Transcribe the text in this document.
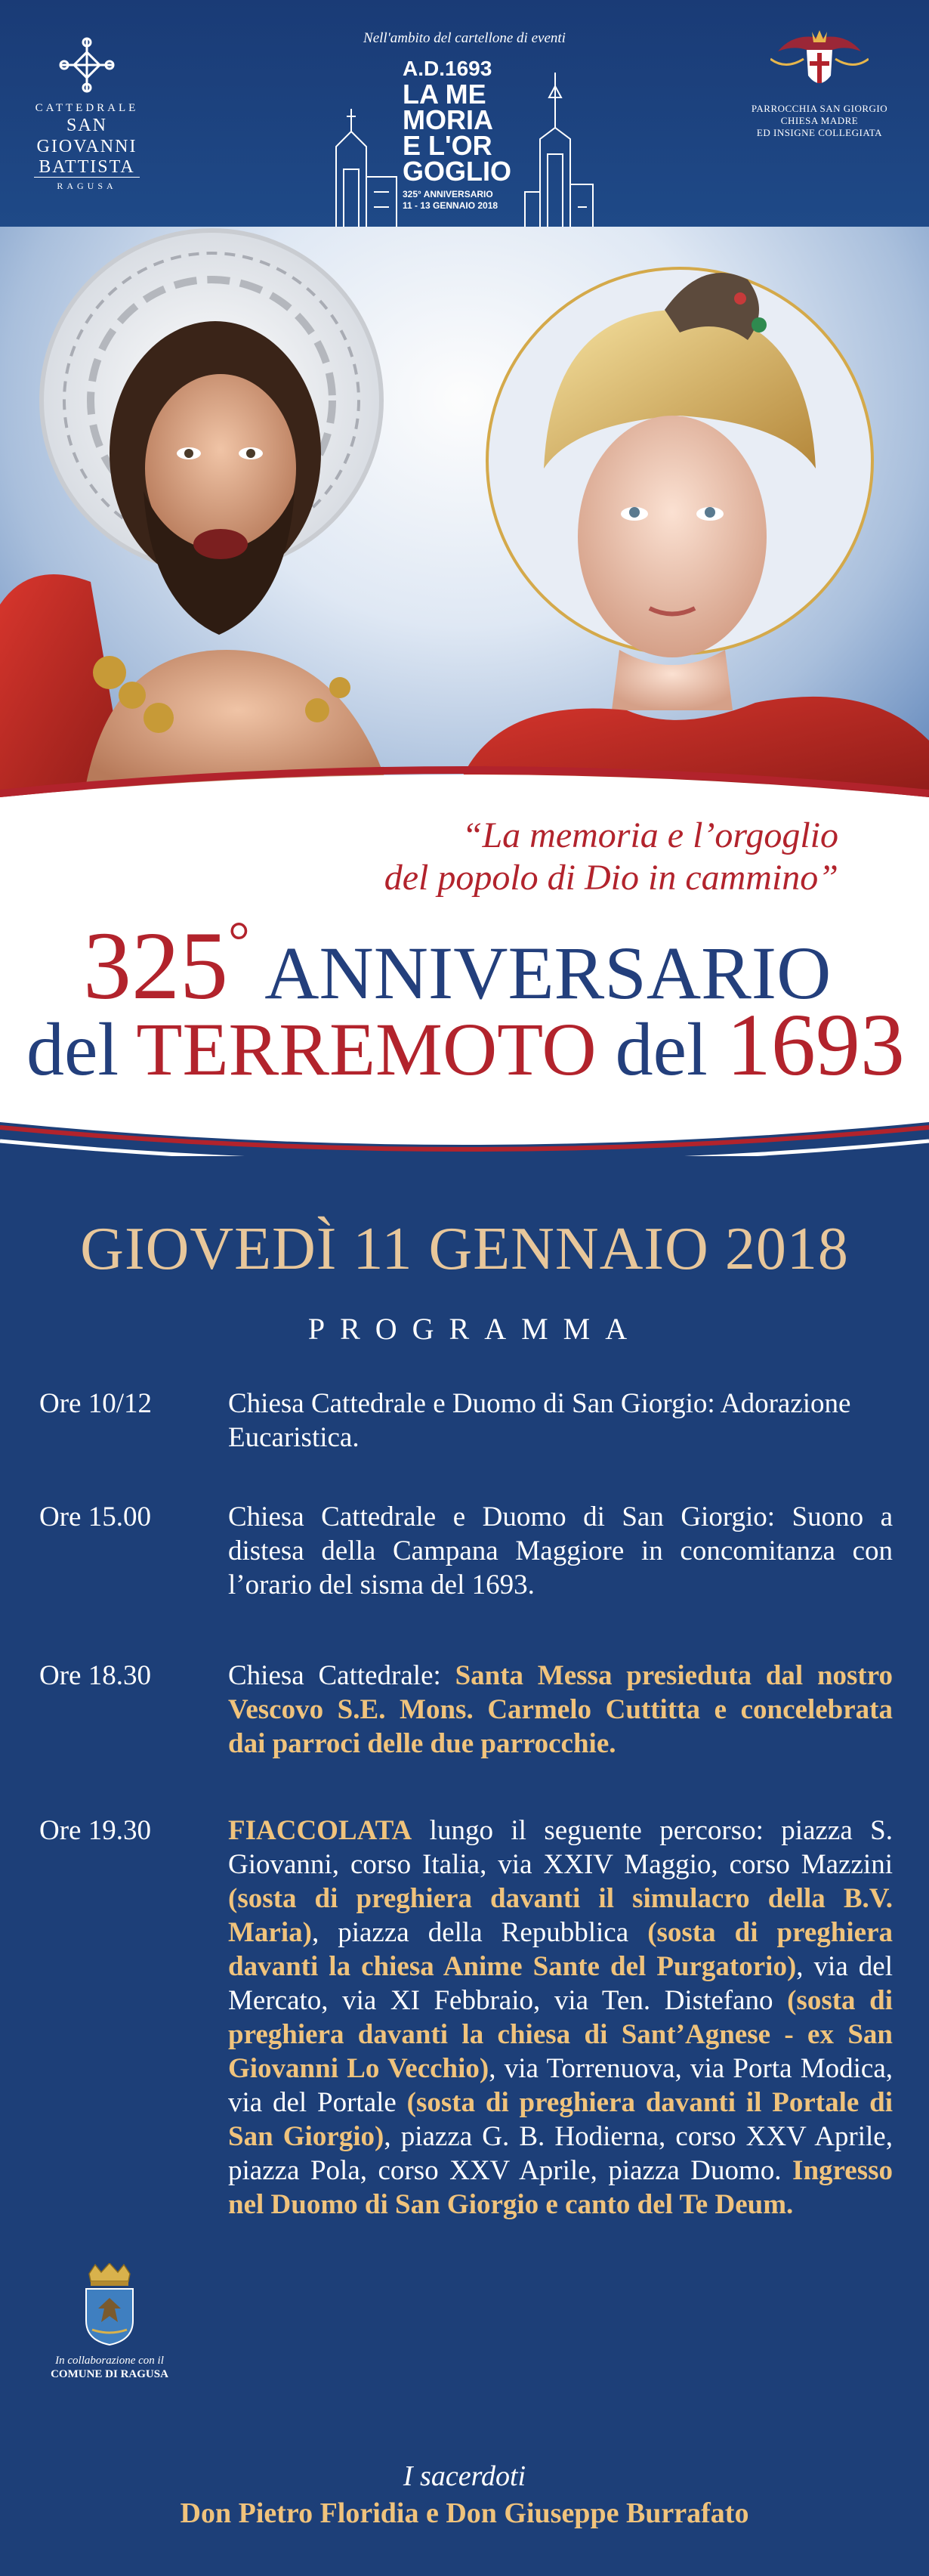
CATTEDRALE
SAN GIOVANNI
BATTISTA
RAGUSA
Nell'ambito del cartellone di eventi
A.D.1693
LA ME
MORIA
E L'OR
GOGLIO
325° ANNIVERSARIO
11 - 13 GENNAIO 2018
PARROCCHIA SAN GIORGIO
CHIESA MADRE
ED INSIGNE COLLEGIATA
“La memoria e l’orgoglio
del popolo di Dio in cammino”
325° ANNIVERSARIO
del TERREMOTO del 1693
GIOVEDÌ 11 GENNAIO 2018
PROGRAMMA
Ore 10/12	Chiesa Cattedrale e Duomo di San Giorgio: Adorazione Eucaristica.
Ore 15.00	Chiesa Cattedrale e Duomo di San Giorgio: Suono a distesa della Campana Maggiore in concomitanza con l’orario del sisma del 1693.
Ore 18.30	Chiesa Cattedrale: Santa Messa presieduta dal nostro Vescovo S.E. Mons. Carmelo Cuttitta e concelebrata dai parroci delle due parrocchie.
Ore 19.30	FIACCOLATA lungo il seguente percorso: piazza S. Giovanni, corso Italia, via XXIV Maggio, corso Mazzini (sosta di preghiera davanti il simulacro della B.V. Maria), piazza della Repubblica (sosta di preghiera davanti la chiesa Anime Sante del Purgatorio), via del Mercato, via XI Febbraio, via Ten. Distefano (sosta di preghiera davanti la chiesa di Sant’Agnese - ex San Giovanni Lo Vecchio), via Torrenuova, via Porta Modica, via del Portale (sosta di preghiera davanti il Portale di San Giorgio), piazza G. B. Hodierna, corso XXV Aprile, piazza Pola, corso XXV Aprile, piazza Duomo. Ingresso nel Duomo di San Giorgio e canto del Te Deum.
In collaborazione con il
COMUNE DI RAGUSA
I sacerdoti
Don Pietro Floridia e Don Giuseppe Burrafato
